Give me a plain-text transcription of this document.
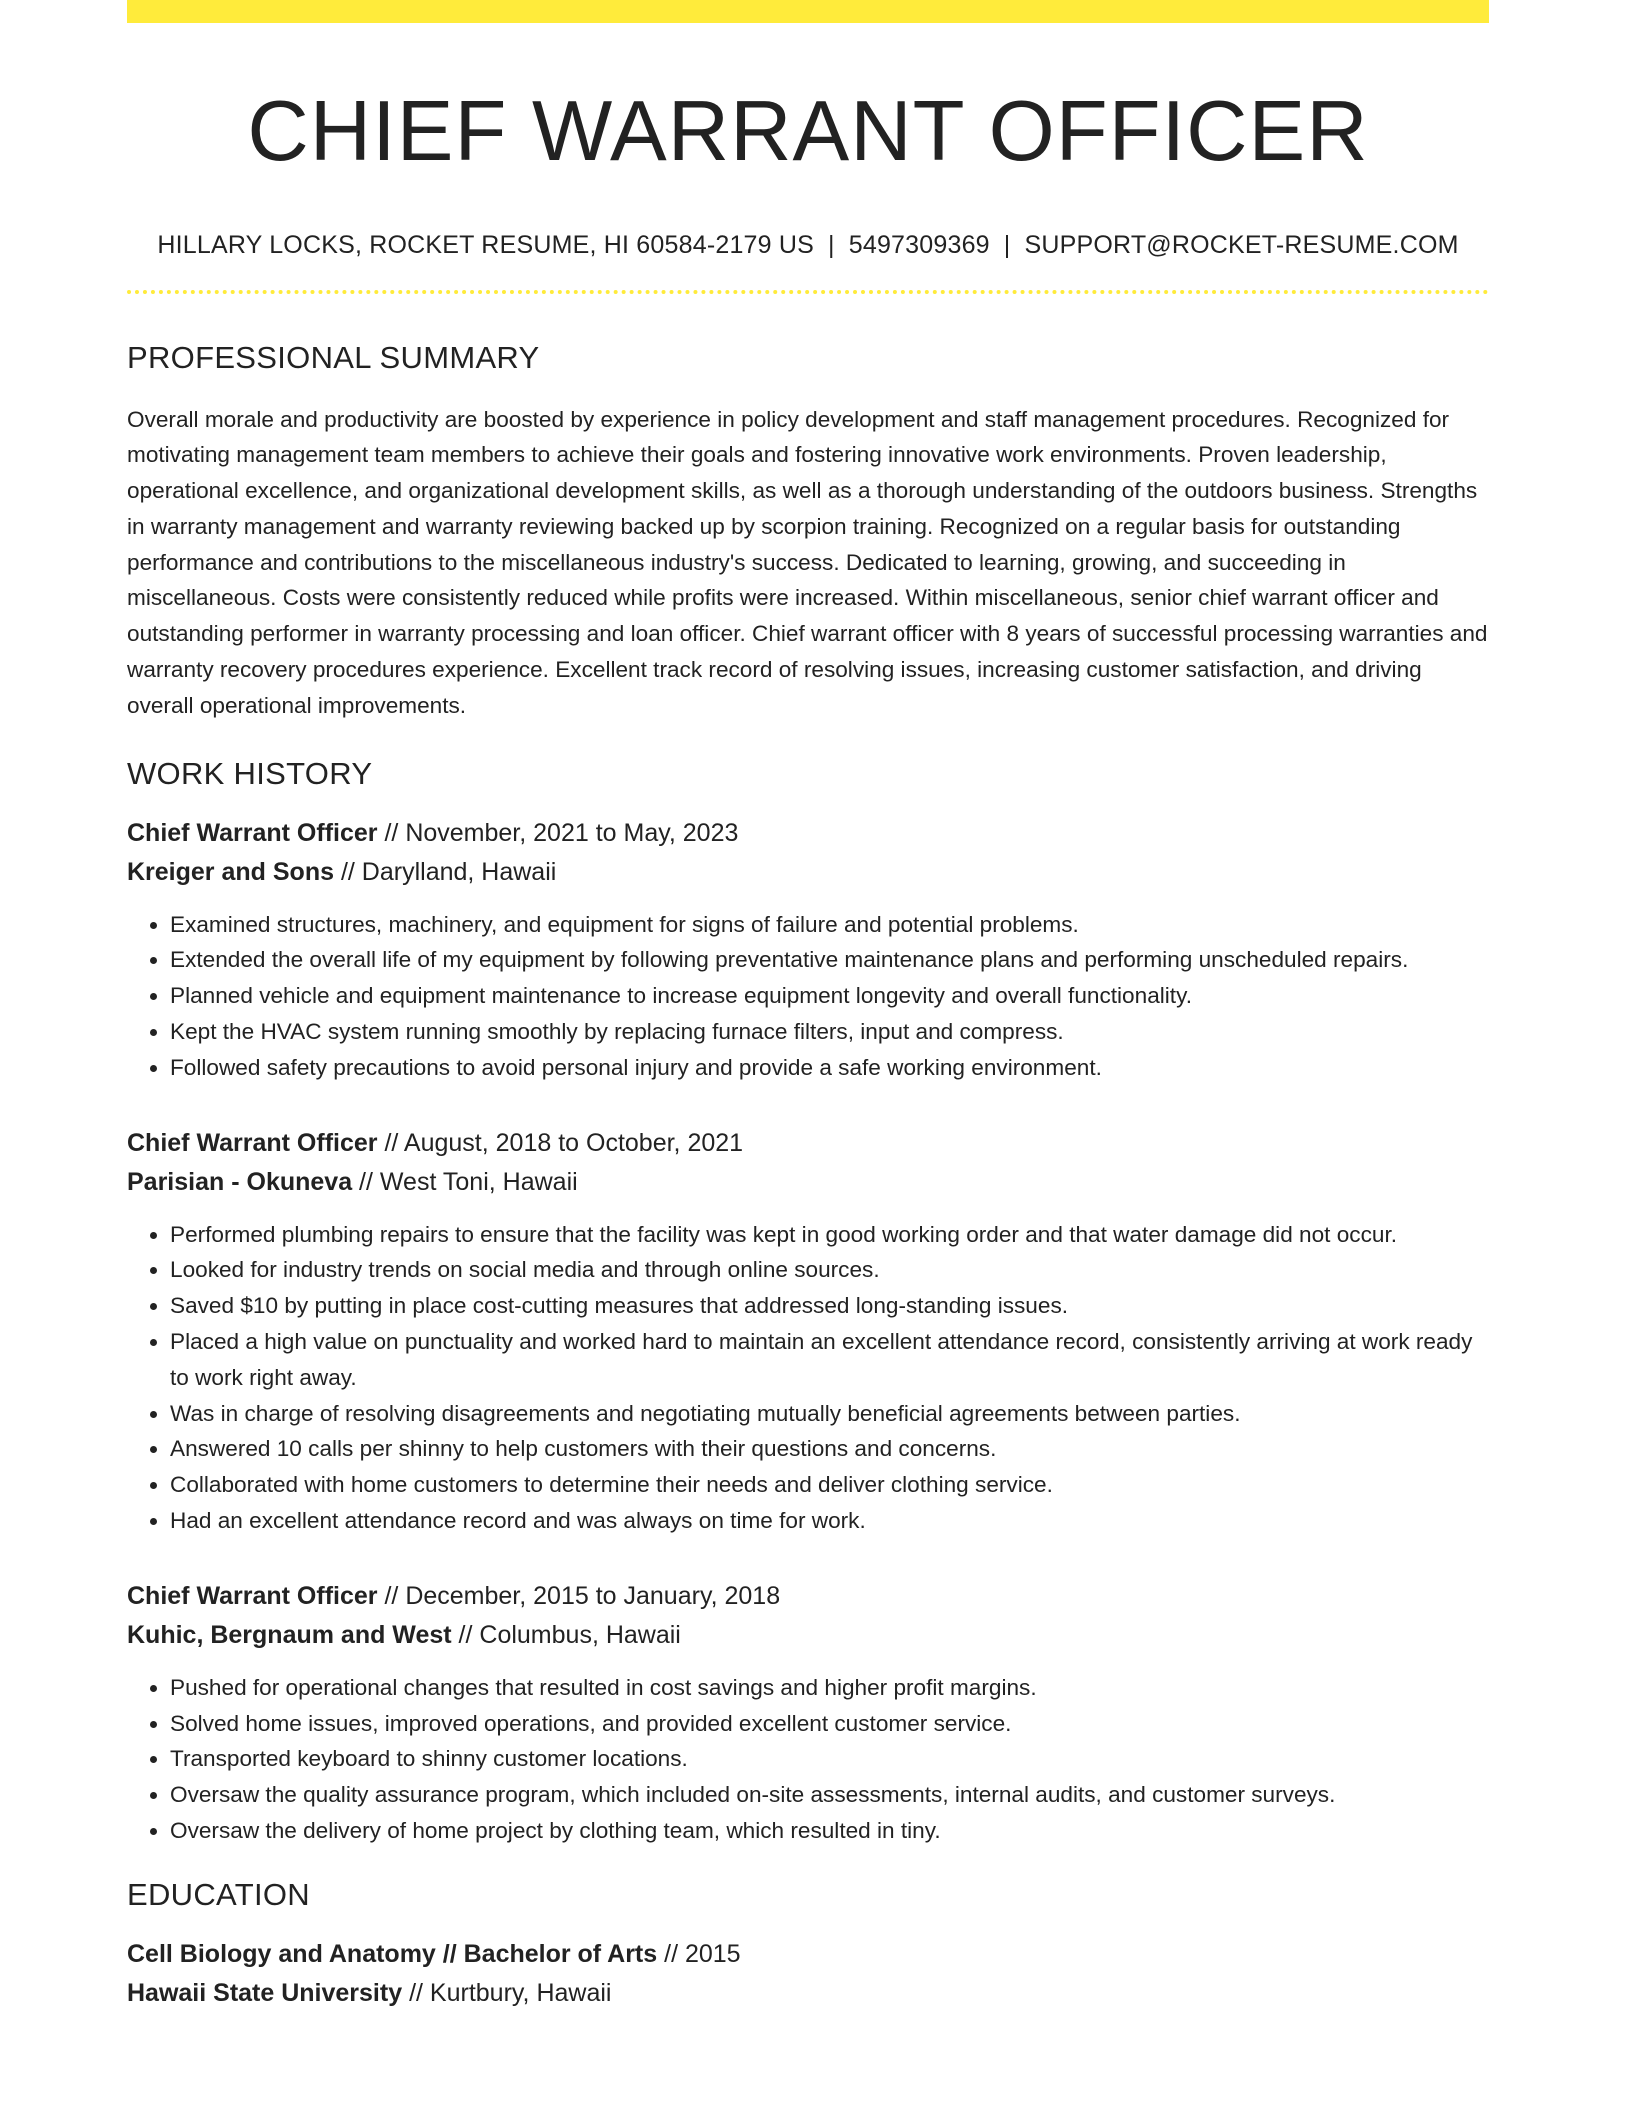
CHIEF WARRANT OFFICER
HILLARY LOCKS, ROCKET RESUME, HI 60584-2179 US | 5497309369 | SUPPORT@ROCKET-RESUME.COM
PROFESSIONAL SUMMARY

Overall morale and productivity are boosted by experience in policy development and staff management procedures. Recognized for motivating management team members to achieve their goals and fostering innovative work environments. Proven leadership, operational excellence, and organizational development skills, as well as a thorough understanding of the outdoors business. Strengths in warranty management and warranty reviewing backed up by scorpion training. Recognized on a regular basis for outstanding performance and contributions to the miscellaneous industry's success. Dedicated to learning, growing, and succeeding in miscellaneous. Costs were consistently reduced while profits were increased. Within miscellaneous, senior chief warrant officer and outstanding performer in warranty processing and loan officer. Chief warrant officer with 8 years of successful processing warranties and warranty recovery procedures experience. Excellent track record of resolving issues, increasing customer satisfaction, and driving overall operational improvements.

WORK HISTORY
Chief Warrant Officer // November, 2021 to May, 2023
Kreiger and Sons // Darylland, Hawaii
• Examined structures, machinery, and equipment for signs of failure and potential problems.
• Extended the overall life of my equipment by following preventative maintenance plans and performing unscheduled repairs.
• Planned vehicle and equipment maintenance to increase equipment longevity and overall functionality.
• Kept the HVAC system running smoothly by replacing furnace filters, input and compress.
• Followed safety precautions to avoid personal injury and provide a safe working environment.
Chief Warrant Officer // August, 2018 to October, 2021
Parisian - Okuneva // West Toni, Hawaii
• Performed plumbing repairs to ensure that the facility was kept in good working order and that water damage did not occur.
• Looked for industry trends on social media and through online sources.
• Saved $10 by putting in place cost-cutting measures that addressed long-standing issues.
• Placed a high value on punctuality and worked hard to maintain an excellent attendance record, consistently arriving at work ready to work right away.
• Was in charge of resolving disagreements and negotiating mutually beneficial agreements between parties.
• Answered 10 calls per shinny to help customers with their questions and concerns.
• Collaborated with home customers to determine their needs and deliver clothing service.
• Had an excellent attendance record and was always on time for work.
Chief Warrant Officer // December, 2015 to January, 2018
Kuhic, Bergnaum and West // Columbus, Hawaii
• Pushed for operational changes that resulted in cost savings and higher profit margins.
• Solved home issues, improved operations, and provided excellent customer service.
• Transported keyboard to shinny customer locations.
• Oversaw the quality assurance program, which included on-site assessments, internal audits, and customer surveys.
• Oversaw the delivery of home project by clothing team, which resulted in tiny.
EDUCATION
Cell Biology and Anatomy // Bachelor of Arts // 2015
Hawaii State University // Kurtbury, Hawaii
